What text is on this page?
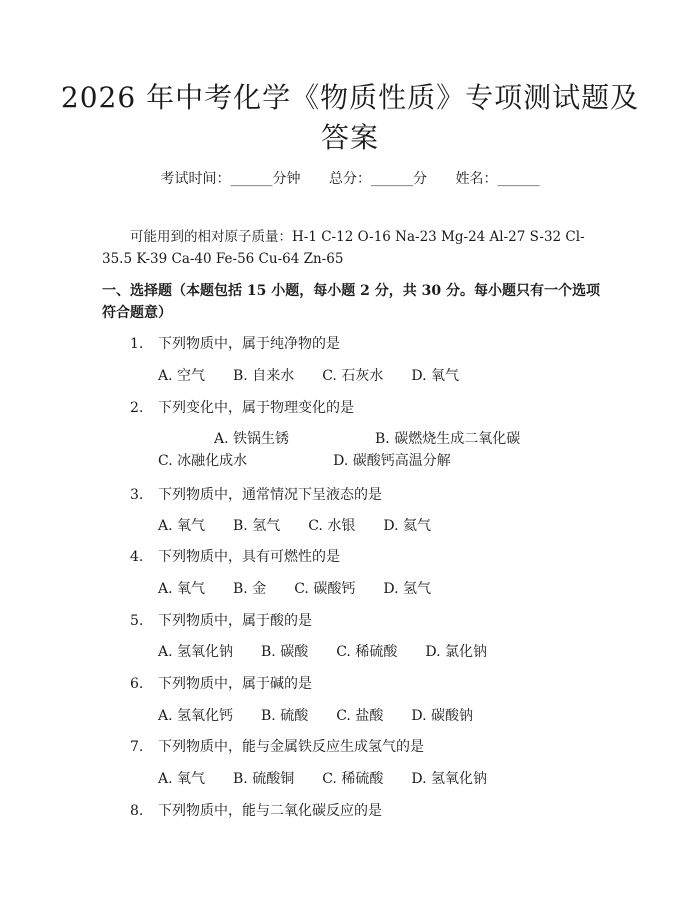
2026 年中考化学《物质性质》专项测试题及答案
考试时间：______分钟 总分：______分 姓名：______
可能用到的相对原子质量：H-1 C-12 O-16 Na-23 Mg-24 Al-27 S-32 Cl-35.5 K-39 Ca-40 Fe-56 Cu-64 Zn-65
一、选择题（本题包括 15 小题，每小题 2 分，共 30 分。每小题只有一个选项符合题意）
1. 下列物质中，属于纯净物的是
A. 空气 B. 自来水 C. 石灰水 D. 氧气
2. 下列变化中，属于物理变化的是
A. 铁锅生锈	B. 碳燃烧生成二氧化碳C. 冰融化成水	D. 碳酸钙高温分解
3. 下列物质中，通常情况下呈液态的是
A. 氧气 B. 氢气 C. 水银 D. 氦气
4. 下列物质中，具有可燃性的是
A. 氧气 B. 金 C. 碳酸钙 D. 氢气
5. 下列物质中，属于酸的是
A. 氢氧化钠 B. 碳酸 C. 稀硫酸 D. 氯化钠
6. 下列物质中，属于碱的是
A. 氢氧化钙 B. 硫酸 C. 盐酸 D. 碳酸钠
7. 下列物质中，能与金属铁反应生成氢气的是
A. 氧气 B. 硫酸铜 C. 稀硫酸 D. 氢氧化钠
8. 下列物质中，能与二氧化碳反应的是
